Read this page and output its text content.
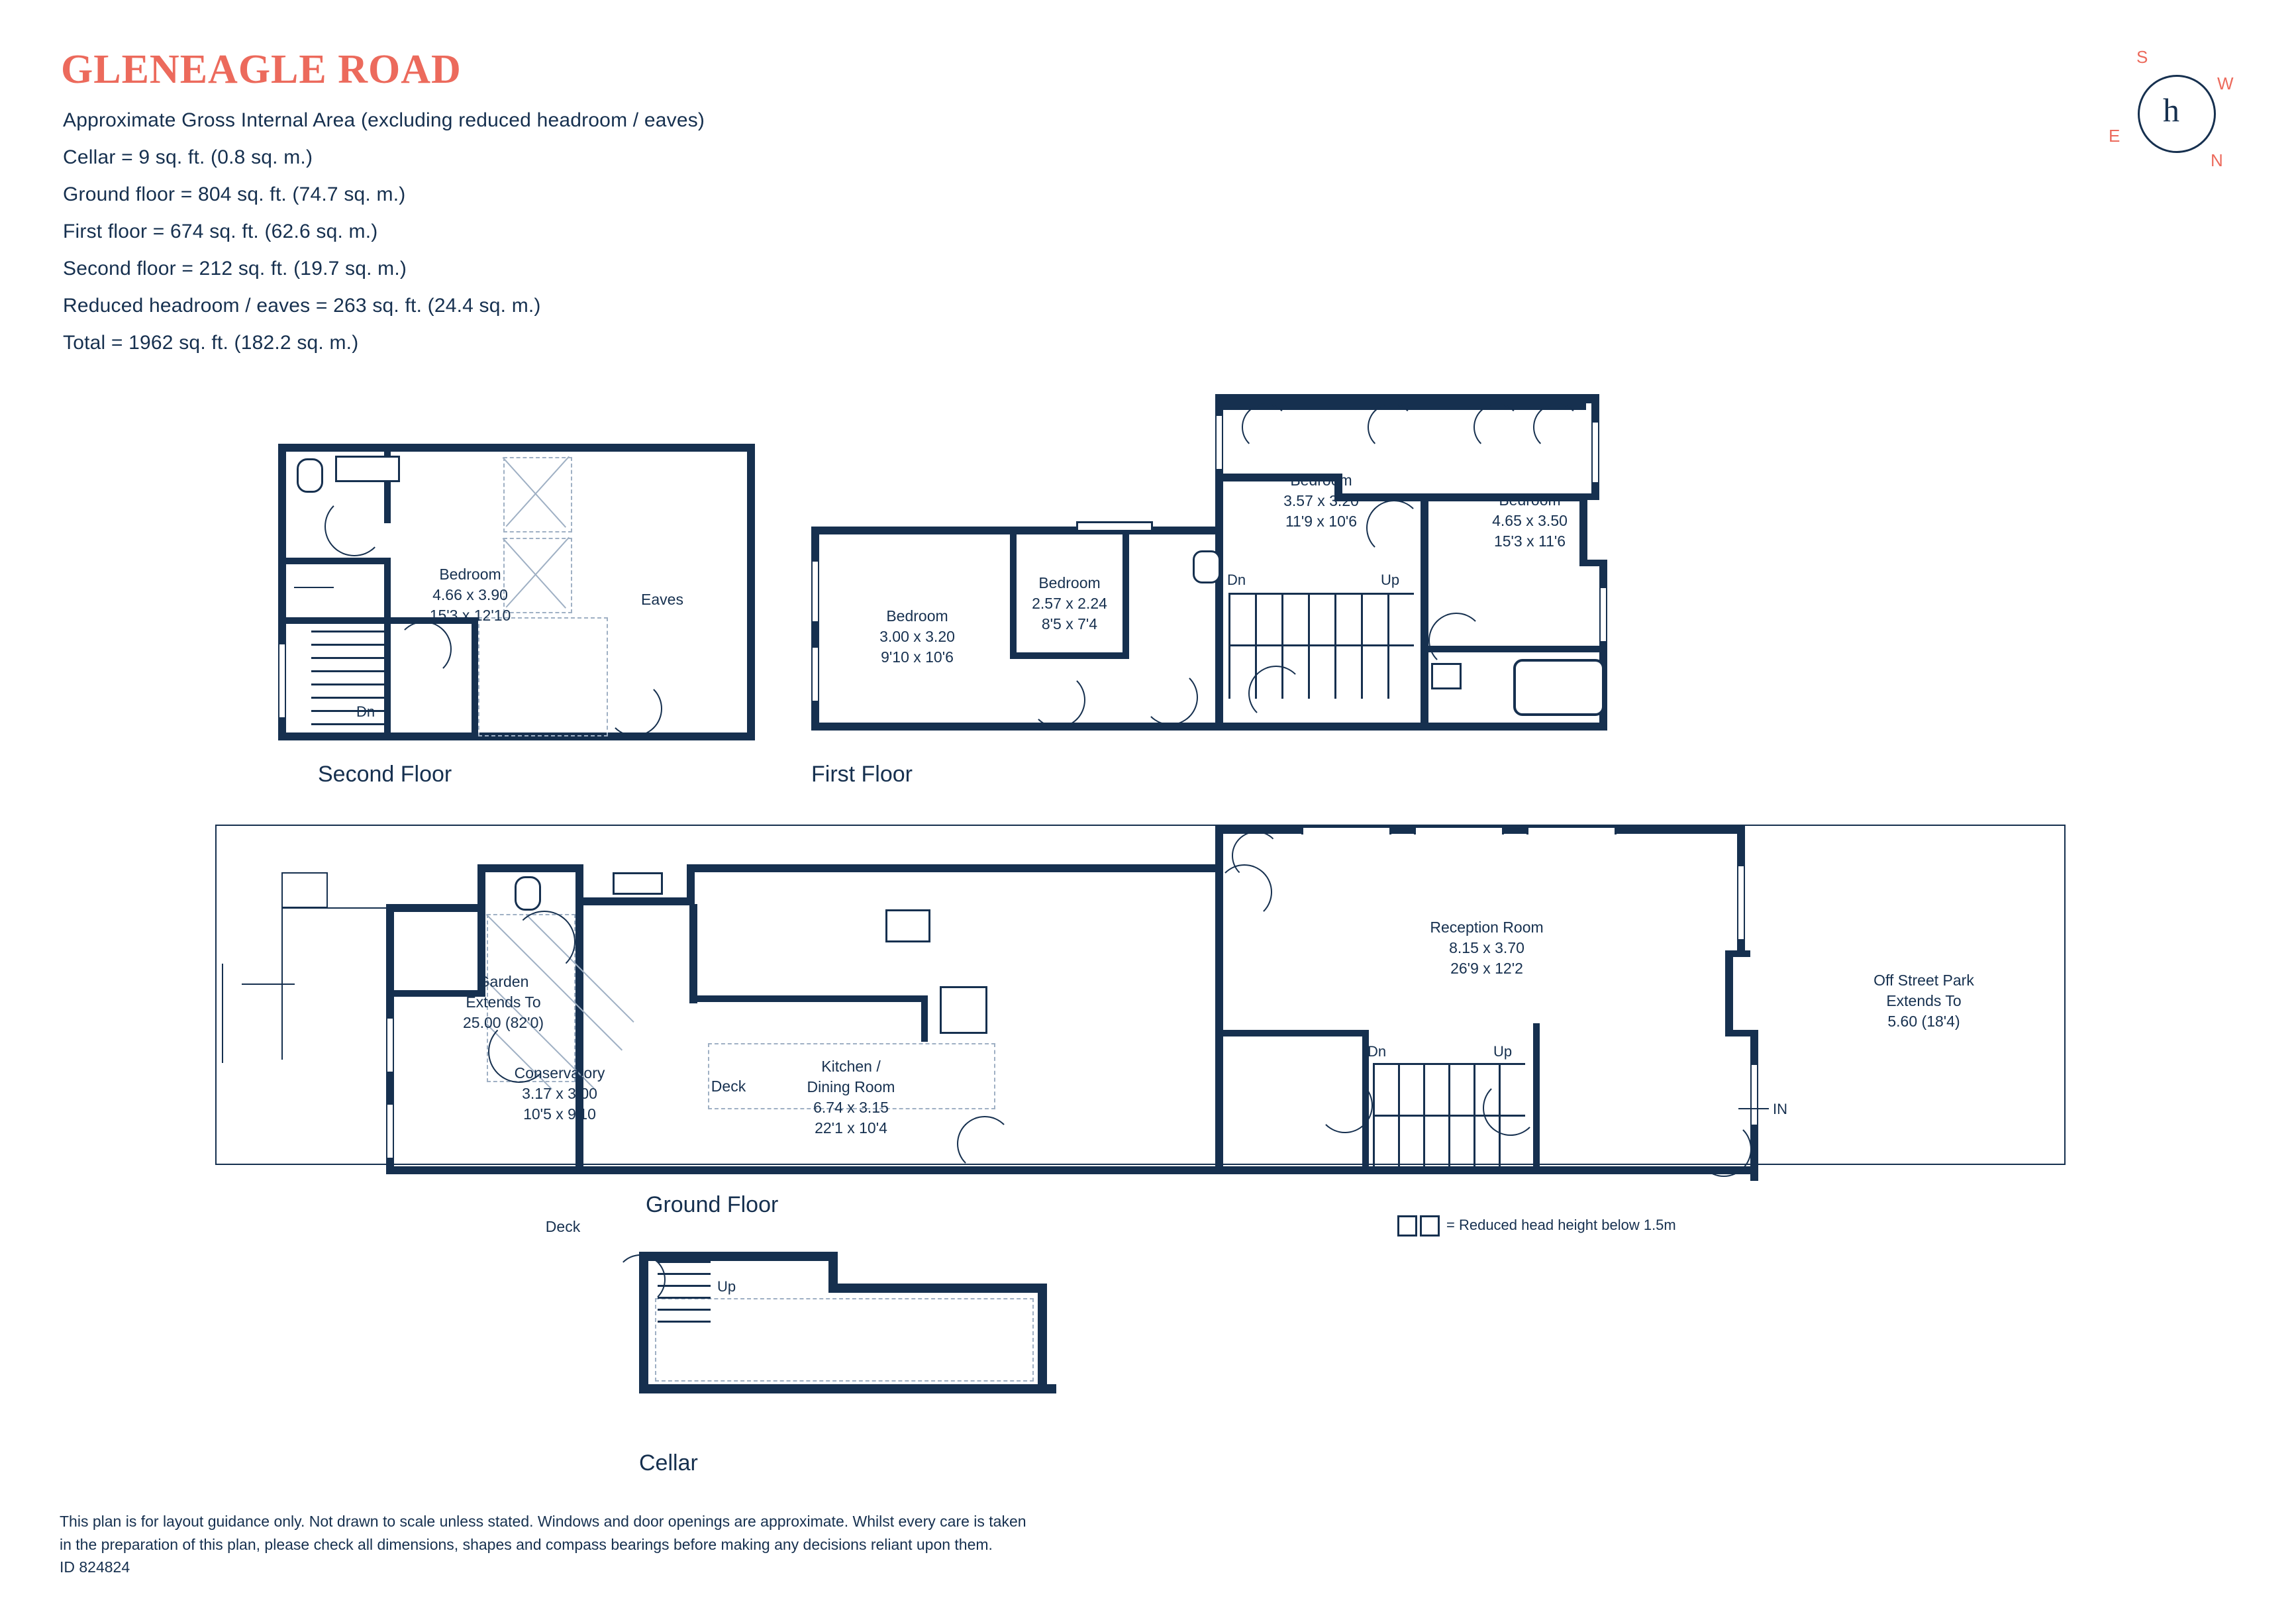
GLENEAGLE ROAD
Approximate Gross Internal Area (excluding reduced headroom / eaves)
Cellar = 9 sq. ft. (0.8 sq. m.)
Ground floor = 804 sq. ft. (74.7 sq. m.)
First floor = 674 sq. ft. (62.6 sq. m.)
Second floor = 212 sq. ft. (19.7 sq. m.)
Reduced headroom / eaves = 263 sq. ft. (24.4 sq. m.)
Total = 1962 sq. ft. (182.2 sq. m.)
h
N
S
E
W
Dn
Bedroom
4.66 x 3.90
15'3 x 12'10
Eaves
Second Floor
Dn	Up
Bedroom
3.00 x 3.20
9'10 x 10'6
Bedroom
2.57 x 2.24
8'5 x 7'4
Bedroom
3.57 x 3.20
11'9 x 10'6
Bedroom
4.65 x 3.50
15'3 x 11'6
First Floor
Dn	Up
IN
Garden
Extends To
25.00 (82'0)
Deck
Conservatory
3.17 x 3.00
10'5 x 9'10
Kitchen /
Dining Room
6.74 x 3.15
22'1 x 10'4
Reception Room
8.15 x 3.70
26'9 x 12'2
Off Street Park
Extends To
5.60 (18'4)
Deck
Ground Floor
= Reduced head height below 1.5m
Up
Cellar
This plan is for layout guidance only. Not drawn to scale unless stated. Windows and door openings are approximate. Whilst every care is taken
in the preparation of this plan, please check all dimensions, shapes and compass bearings before making any decisions reliant upon them.
ID 824824
